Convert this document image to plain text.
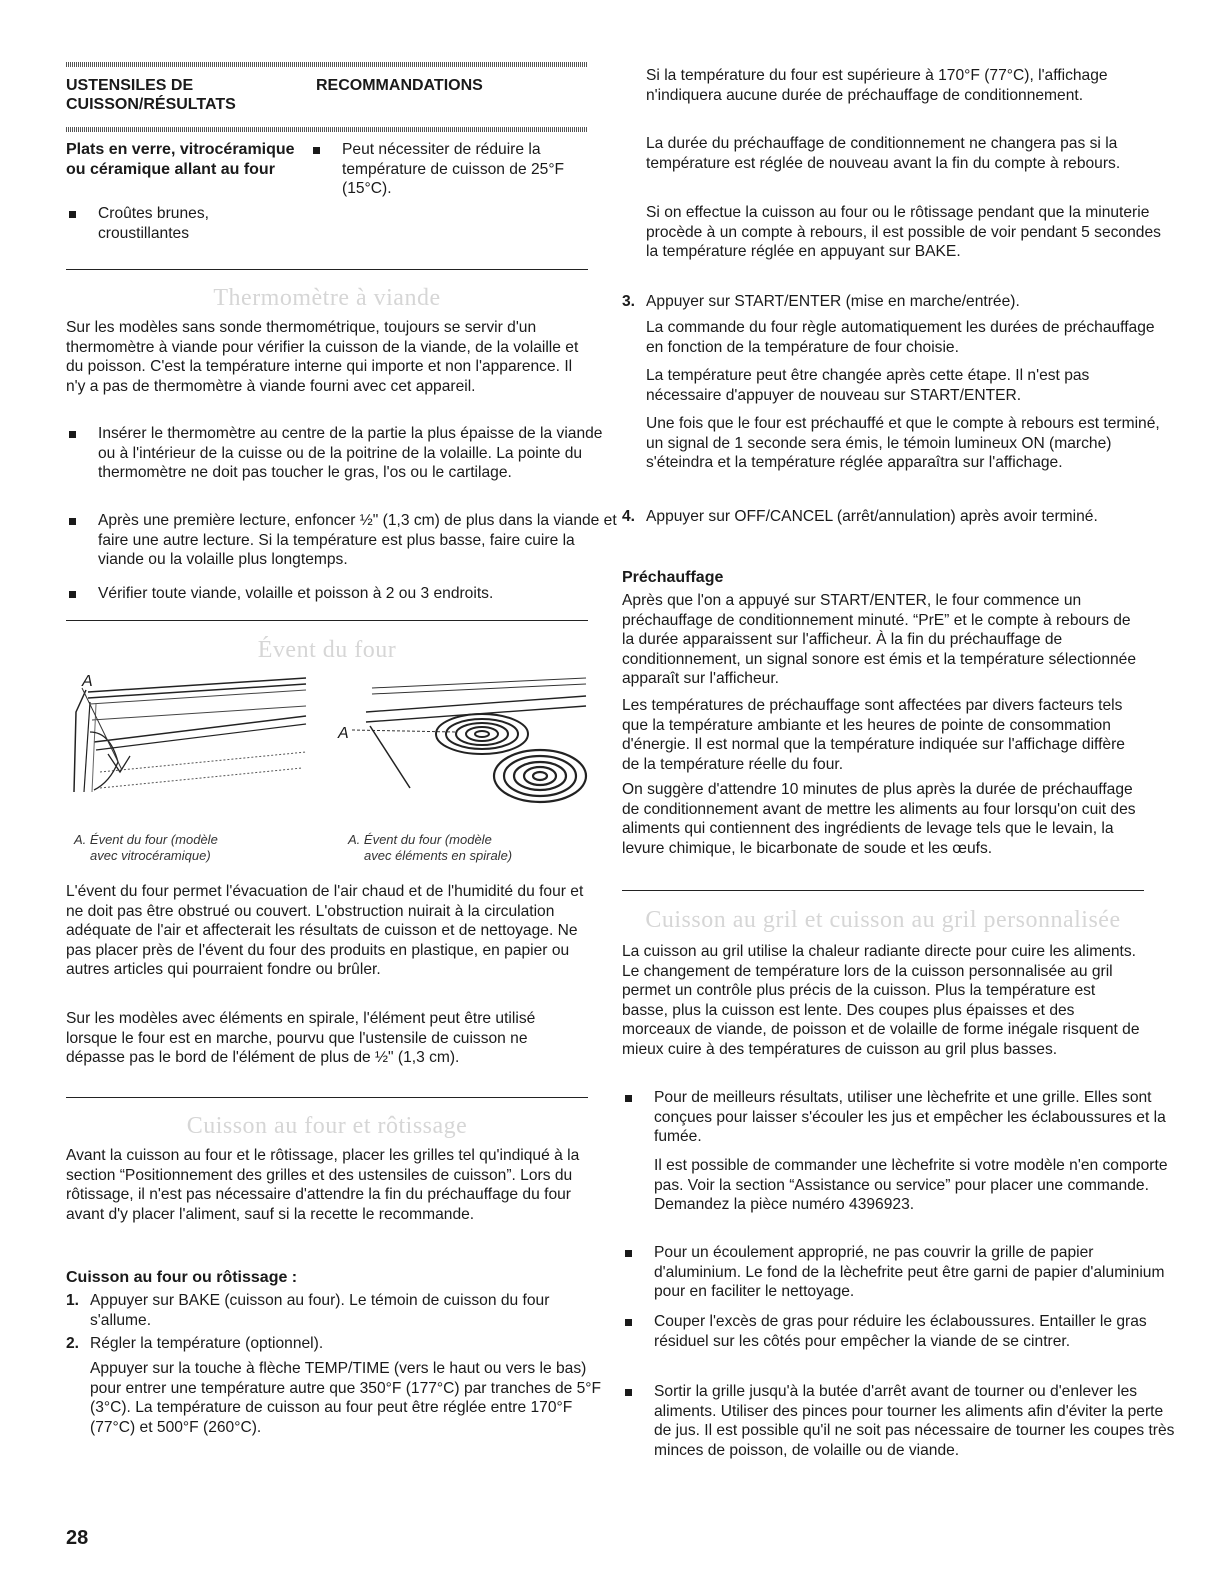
USTENSILES DE CUISSON/RÉSULTATS
RECOMMANDATIONS
Plats en verre, vitrocéramique ou céramique allant au four

Croûtes brunes, croustillantes

Peut nécessiter de réduire la température de cuisson de 25°F (15°C).

Thermomètre à viande

Sur les modèles sans sonde thermométrique, toujours se servir d'un thermomètre à viande pour vérifier la cuisson de la viande, de la volaille et du poisson. C'est la température interne qui importe et non l'apparence. Il n'y a pas de thermomètre à viande fourni avec cet appareil.

Insérer le thermomètre au centre de la partie la plus épaisse de la viande ou à l'intérieur de la cuisse ou de la poitrine de la volaille. La pointe du thermomètre ne doit pas toucher le gras, l'os ou le cartilage.

Après une première lecture, enfoncer ½" (1,3 cm) de plus dans la viande et faire une autre lecture. Si la température est plus basse, faire cuire la viande ou la volaille plus longtemps.

Vérifier toute viande, volaille et poisson à 2 ou 3 endroits.

Évent du four
A
A
A. Évent du four (modèle
avec vitrocéramique)
A. Évent du four (modèle
avec éléments en spirale)

L'évent du four permet l'évacuation de l'air chaud et de l'humidité du four et ne doit pas être obstrué ou couvert. L'obstruction nuirait à la circulation adéquate de l'air et affecterait les résultats de cuisson et de nettoyage. Ne pas placer près de l'évent du four des produits en plastique, en papier ou autres articles qui pourraient fondre ou brûler.

Sur les modèles avec éléments en spirale, l'élément peut être utilisé lorsque le four est en marche, pourvu que l'ustensile de cuisson ne dépasse pas le bord de l'élément de plus de ½" (1,3 cm).

Cuisson au four et rôtissage

Avant la cuisson au four et le rôtissage, placer les grilles tel qu'indiqué à la section “Positionnement des grilles et des ustensiles de cuisson”. Lors du rôtissage, il n'est pas nécessaire d'attendre la fin du préchauffage du four avant d'y placer l'aliment, sauf si la recette le recommande.

Cuisson au four ou rôtissage :

1. Appuyer sur BAKE (cuisson au four). Le témoin de cuisson du four s'allume.

2. Régler la température (optionnel).

Appuyer sur la touche à flèche TEMP/TIME (vers le haut ou vers le bas) pour entrer une température autre que 350°F (177°C) par tranches de 5°F (3°C). La température de cuisson au four peut être réglée entre 170°F (77°C) et 500°F (260°C).

28

Si la température du four est supérieure à 170°F (77°C), l'affichage n'indiquera aucune durée de préchauffage de conditionnement.

La durée du préchauffage de conditionnement ne changera pas si la température est réglée de nouveau avant la fin du compte à rebours.

Si on effectue la cuisson au four ou le rôtissage pendant que la minuterie procède à un compte à rebours, il est possible de voir pendant 5 secondes la température réglée en appuyant sur BAKE.

3. Appuyer sur START/ENTER (mise en marche/entrée).

La commande du four règle automatiquement les durées de préchauffage en fonction de la température de four choisie.

La température peut être changée après cette étape. Il n'est pas nécessaire d'appuyer de nouveau sur START/ENTER.

Une fois que le four est préchauffé et que le compte à rebours est terminé, un signal de 1 seconde sera émis, le témoin lumineux ON (marche) s'éteindra et la température réglée apparaîtra sur l'affichage.

4. Appuyer sur OFF/CANCEL (arrêt/annulation) après avoir terminé.

Préchauffage

Après que l'on a appuyé sur START/ENTER, le four commence un préchauffage de conditionnement minuté. “PrE” et le compte à rebours de la durée apparaissent sur l'afficheur. À la fin du préchauffage de conditionnement, un signal sonore est émis et la température sélectionnée apparaît sur l'afficheur.

Les températures de préchauffage sont affectées par divers facteurs tels que la température ambiante et les heures de pointe de consommation d'énergie. Il est normal que la température indiquée sur l'affichage diffère de la température réelle du four.

On suggère d'attendre 10 minutes de plus après la durée de préchauffage de conditionnement avant de mettre les aliments au four lorsqu'on cuit des aliments qui contiennent des ingrédients de levage tels que le levain, la levure chimique, le bicarbonate de soude et les œufs.

Cuisson au gril et cuisson au gril personnalisée

La cuisson au gril utilise la chaleur radiante directe pour cuire les aliments. Le changement de température lors de la cuisson personnalisée au gril permet un contrôle plus précis de la cuisson. Plus la température est basse, plus la cuisson est lente. Des coupes plus épaisses et des morceaux de viande, de poisson et de volaille de forme inégale risquent de mieux cuire à des températures de cuisson au gril plus basses.

Pour de meilleurs résultats, utiliser une lèchefrite et une grille. Elles sont conçues pour laisser s'écouler les jus et empêcher les éclaboussures et la fumée.

Il est possible de commander une lèchefrite si votre modèle n'en comporte pas. Voir la section “Assistance ou service” pour placer une commande. Demandez la pièce numéro 4396923.

Pour un écoulement approprié, ne pas couvrir la grille de papier d'aluminium. Le fond de la lèchefrite peut être garni de papier d'aluminium pour en faciliter le nettoyage.

Couper l'excès de gras pour réduire les éclaboussures. Entailler le gras résiduel sur les côtés pour empêcher la viande de se cintrer.

Sortir la grille jusqu'à la butée d'arrêt avant de tourner ou d'enlever les aliments. Utiliser des pinces pour tourner les aliments afin d'éviter la perte de jus. Il est possible qu'il ne soit pas nécessaire de tourner les coupes très minces de poisson, de volaille ou de viande.
